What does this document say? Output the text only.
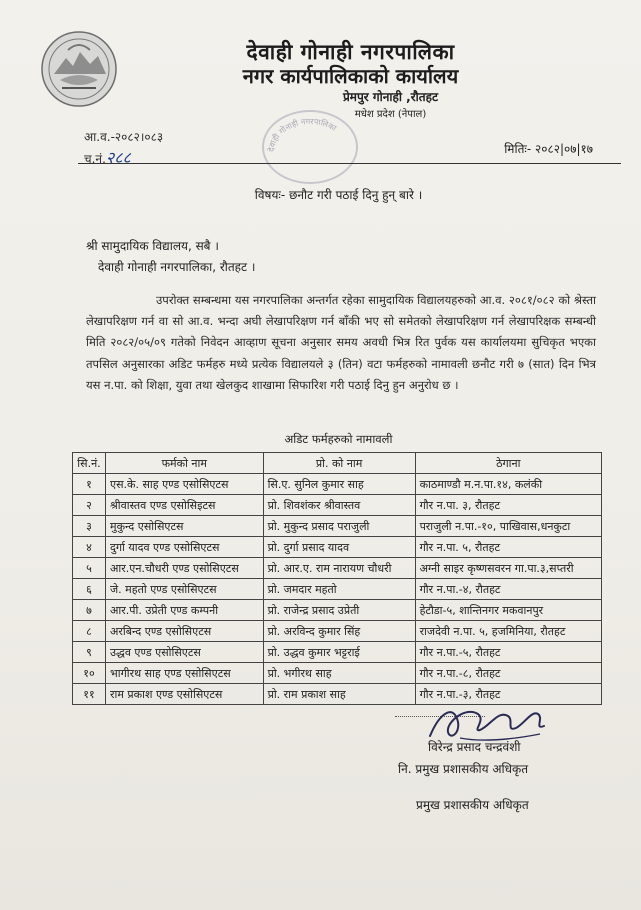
देवाही गोनाही नगरपालिका
नगर कार्यपालिकाको कार्यालय
प्रेमपुर गोनाही ,रौतहट
मधेश प्रदेश (नेपाल)
देवाही गोनाही नगरपालिका
आ.व.-२०८२।०८३
च.नं.२८८	मितिः- २०८२|०७|१७
विषयः- छनौट गरी पठाई दिनु हुन् बारे ।
श्री सामुदायिक विद्यालय, सबै ।
देवाही गोनाही नगरपालिका, रौतहट ।
उपरोक्त सम्बन्धमा यस नगरपालिका अन्तर्गत रहेका सामुदायिक विद्यालयहरुको आ.व. २०८१/०८२ को श्रेस्ता लेखापरिक्षण गर्न वा सो आ.व. भन्दा अघी लेखापरिक्षण गर्न बाँकी भए सो समेतको लेखापरिक्षण गर्न लेखापरिक्षक सम्बन्धी मिति २०८२/०५/०९ गतेको निवेदन आव्हाण सूचना अनुसार समय अवधी भित्र रित पुर्वक यस कार्यालयमा सुचिकृत भएका तपसिल अनुसारका अडिट फर्महरु मध्ये प्रत्येक विद्यालयले ३ (तिन) वटा फर्महरुको नामावली छनौट गरी ७ (सात) दिन भित्र यस न.पा. को शिक्षा, युवा तथा खेलकुद शाखामा सिफारिश गरी पठाई दिनु हुन अनुरोध छ ।
अडिट फर्महरुको नामावली
सि.नं.	फर्मको नाम	प्रो. को नाम	ठेगाना
१	एस.के. साह एण्ड एसोसिएटस	सि.ए. सुनिल कुमार साह	काठमाण्डौ म.न.पा.१४, कलंकी
२	श्रीवास्तव एण्ड एसोसिइटस	प्रो. शिवशंकर श्रीवास्तव	गौर न.पा. ३, रौतहट
३	मुकुन्द एसोसिएटस	प्रो. मुकुन्द प्रसाद पराजुली	पराजुली न.पा.-१०, पाखिवास,धनकुटा
४	दुर्गा यादव एण्ड एसोसिएटस	प्रो. दुर्गा प्रसाद यादव	गौर न.पा. ५, रौतहट
५	आर.एन.चौधरी एण्ड एसोसिएटस	प्रो. आर.ए. राम नारायण चौधरी	अग्नी साइर कृष्णसवरन गा.पा.३,सप्तरी
६	जे. महतो एण्ड एसोसिएटस	प्रो. जमदार महतो	गौर न.पा.-४, रौतहट
७	आर.पी. उप्रेती एण्ड कम्पनी	प्रो. राजेन्द्र प्रसाद उप्रेती	हेटौडा-५, शान्तिनगर मकवानपुर
८	अरबिन्द एण्ड एसोसिएटस	प्रो. अरविन्द कुमार सिंह	राजदेवी न.पा. ५, हजमिनिया, रौतहट
९	उद्धव एण्ड एसोसिएटस	प्रो. उद्धव कुमार भट्टराई	गौर न.पा.-५, रौतहट
१०	भागीरथ साह एण्ड एसोसिएटस	प्रो. भगीरथ साह	गौर न.पा.-८, रौतहट
११	राम प्रकाश एण्ड एसोसिएटस	प्रो. राम प्रकाश साह	गौर न.पा.-३, रौतहट
विरेन्द्र प्रसाद चन्द्रवंशी
नि. प्रमुख प्रशासकीय अधिकृत
प्रमुख प्रशासकीय अधिकृत
